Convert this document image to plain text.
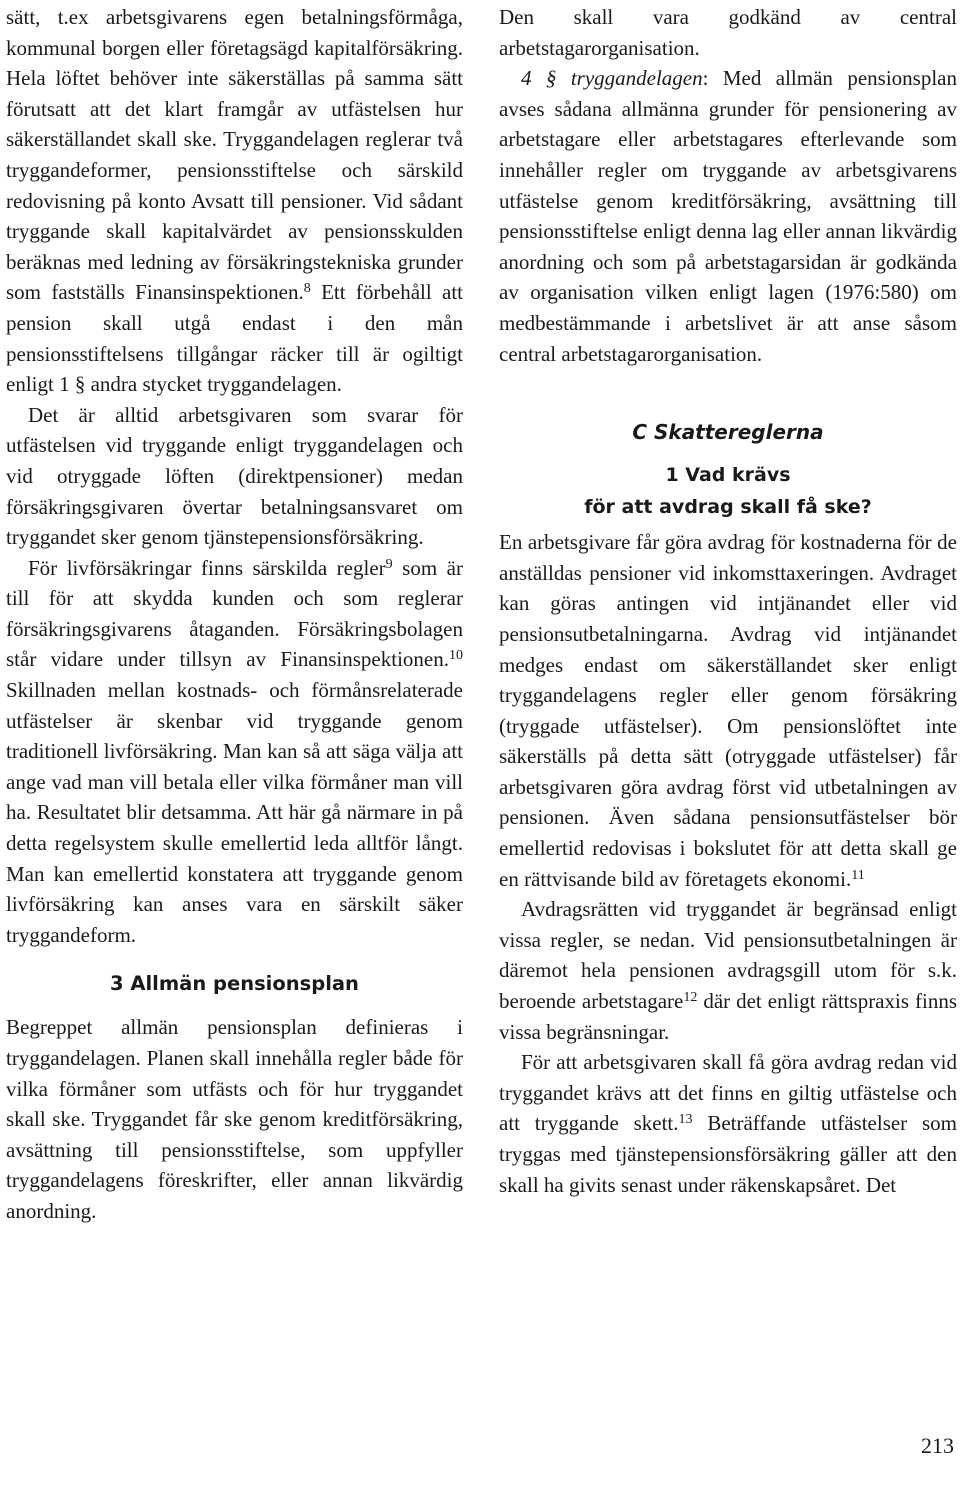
sätt, t.ex arbetsgivarens egen betalningsförmåga, kommunal borgen eller företagsägd kapitalförsäkring. Hela löftet behöver inte säkerställas på samma sätt förutsatt att det klart framgår av utfästelsen hur säkerställandet skall ske. Tryggandelagen reglerar två tryggandeformer, pensionsstiftelse och särskild redovisning på konto Avsatt till pensioner. Vid sådant tryggande skall kapitalvärdet av pensionsskulden beräknas med ledning av försäkringstekniska grunder som fastställs Finansinspektionen.$^8$ Ett förbehåll att pension skall utgå endast i den mån pensionsstiftelsens tillgångar räcker till är ogiltigt enligt 1 § andra stycket tryggandelagen.

Det är alltid arbetsgivaren som svarar för utfästelsen vid tryggande enligt tryggandelagen och vid otryggade löften (direktpensioner) medan försäkringsgivaren övertar betalningsansvaret om tryggandet sker genom tjänstepensionsförsäkring.

För livförsäkringar finns särskilda regler$^9$ som är till för att skydda kunden och som reglerar försäkringsgivarens åtaganden. Försäkringsbolagen står vidare under tillsyn av Finansinspektionen.$^{10}$ Skillnaden mellan kostnads- och förmånsrelaterade utfästelser är skenbar vid tryggande genom traditionell livförsäkring. Man kan så att säga välja att ange vad man vill betala eller vilka förmåner man vill ha. Resultatet blir detsamma. Att här gå närmare in på detta regelsystem skulle emellertid leda alltför långt. Man kan emellertid konstatera att tryggande genom livförsäkring kan anses vara en särskilt säker tryggandeform.

3 Allmän pensionsplan

Begreppet allmän pensionsplan definieras i tryggandelagen. Planen skall innehålla regler både för vilka förmåner som utfästs och för hur tryggandet skall ske. Tryggandet får ske genom kreditförsäkring, avsättning till pensionsstiftelse, som uppfyller tryggandelagens föreskrifter, eller annan likvärdig anordning.

Den skall vara godkänd av central arbetstagarorganisation.

4 § tryggandelagen: Med allmän pensionsplan avses sådana allmänna grunder för pensionering av arbetstagare eller arbetstagares efterlevande som innehåller regler om tryggande av arbetsgivarens utfästelse genom kreditförsäkring, avsättning till pensionsstiftelse enligt denna lag eller annan likvärdig anordning och som på arbetstagarsidan är godkända av organisation vilken enligt lagen (1976:580) om medbestämmande i arbetslivet är att anse såsom central arbetstagarorganisation.

C Skattereglerna
1 Vad krävs
för att avdrag skall få ske?

En arbetsgivare får göra avdrag för kostnaderna för de anställdas pensioner vid inkomsttaxeringen. Avdraget kan göras antingen vid intjänandet eller vid pensionsutbetalningarna. Avdrag vid intjänandet medges endast om säkerställandet sker enligt tryggandelagens regler eller genom försäkring (tryggade utfästelser). Om pensionslöftet inte säkerställs på detta sätt (otryggade utfästelser) får arbetsgivaren göra avdrag först vid utbetalningen av pensionen. Även sådana pensionsutfästelser bör emellertid redovisas i bokslutet för att detta skall ge en rättvisande bild av företagets ekonomi.$^{11}$

Avdragsrätten vid tryggandet är begränsad enligt vissa regler, se nedan. Vid pensionsutbetalningen är däremot hela pensionen avdragsgill utom för s.k. beroende arbetstagare$^{12}$ där det enligt rättspraxis finns vissa begränsningar.

För att arbetsgivaren skall få göra avdrag redan vid tryggandet krävs att det finns en giltig utfästelse och att tryggande skett.$^{13}$ Beträffande utfästelser som tryggas med tjänstepensionsförsäkring gäller att den skall ha givits senast under räkenskapsåret. Det

213
